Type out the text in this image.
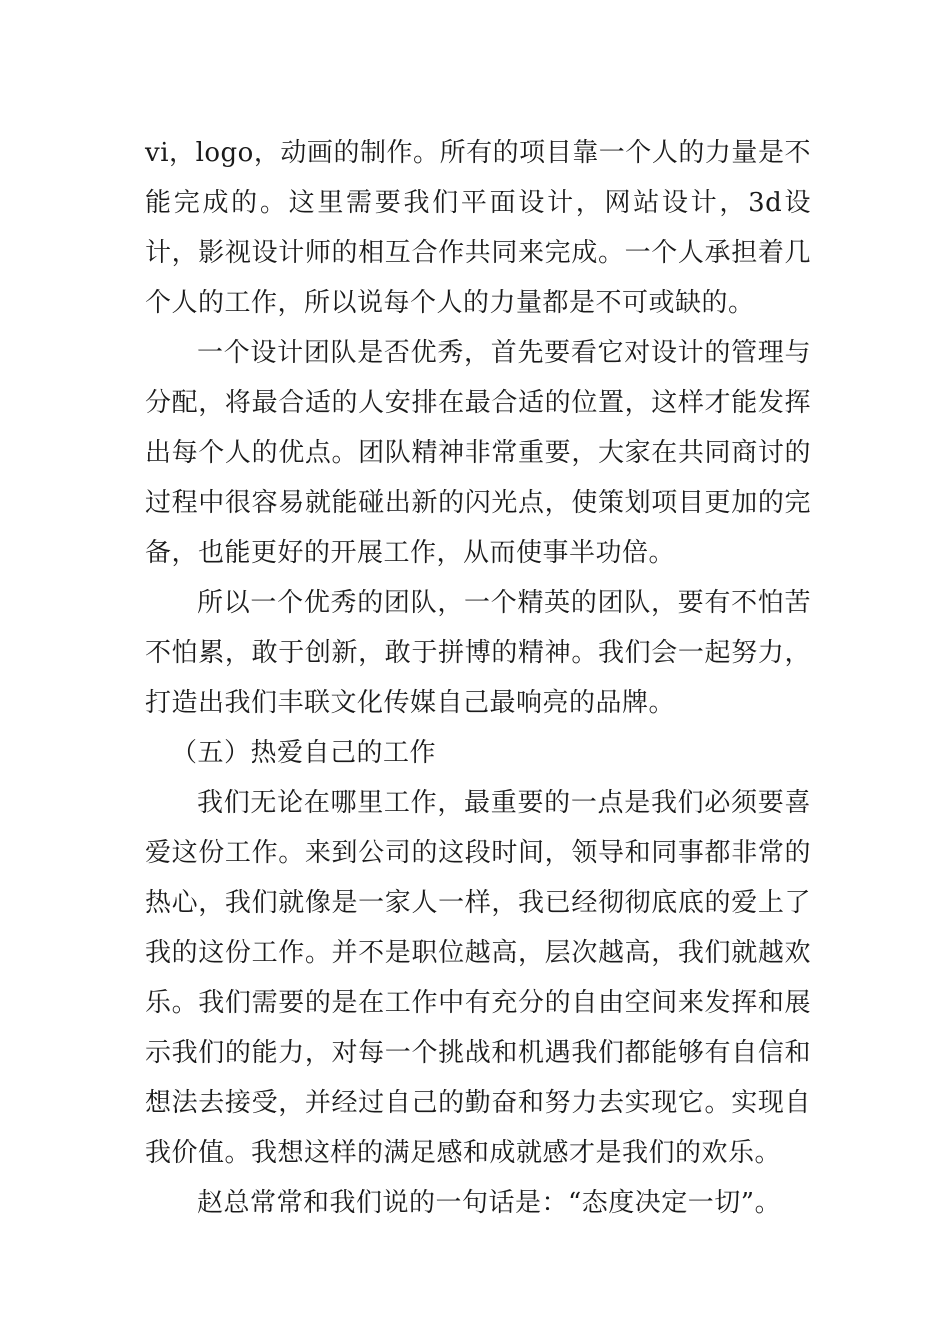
vi，logo，动画的制作。所有的项目靠一个人的力量是不能完成的。这里需要我们平面设计，网站设计，3d设计，影视设计师的相互合作共同来完成。一个人承担着几个人的工作，所以说每个人的力量都是不可或缺的。

一个设计团队是否优秀，首先要看它对设计的管理与分配，将最合适的人安排在最合适的位置，这样才能发挥出每个人的优点。团队精神非常重要，大家在共同商讨的过程中很容易就能碰出新的闪光点，使策划项目更加的完备，也能更好的开展工作，从而使事半功倍。

所以一个优秀的团队，一个精英的团队，要有不怕苦不怕累，敢于创新，敢于拼博的精神。我们会一起努力，打造出我们丰联文化传媒自己最响亮的品牌。

（五）热爱自己的工作

我们无论在哪里工作，最重要的一点是我们必须要喜爱这份工作。来到公司的这段时间，领导和同事都非常的热心，我们就像是一家人一样，我已经彻彻底底的爱上了我的这份工作。并不是职位越高，层次越高，我们就越欢乐。我们需要的是在工作中有充分的自由空间来发挥和展示我们的能力，对每一个挑战和机遇我们都能够有自信和想法去接受，并经过自己的勤奋和努力去实现它。实现自我价值。我想这样的满足感和成就感才是我们的欢乐。

赵总常常和我们说的一句话是：“态度决定一切”。
